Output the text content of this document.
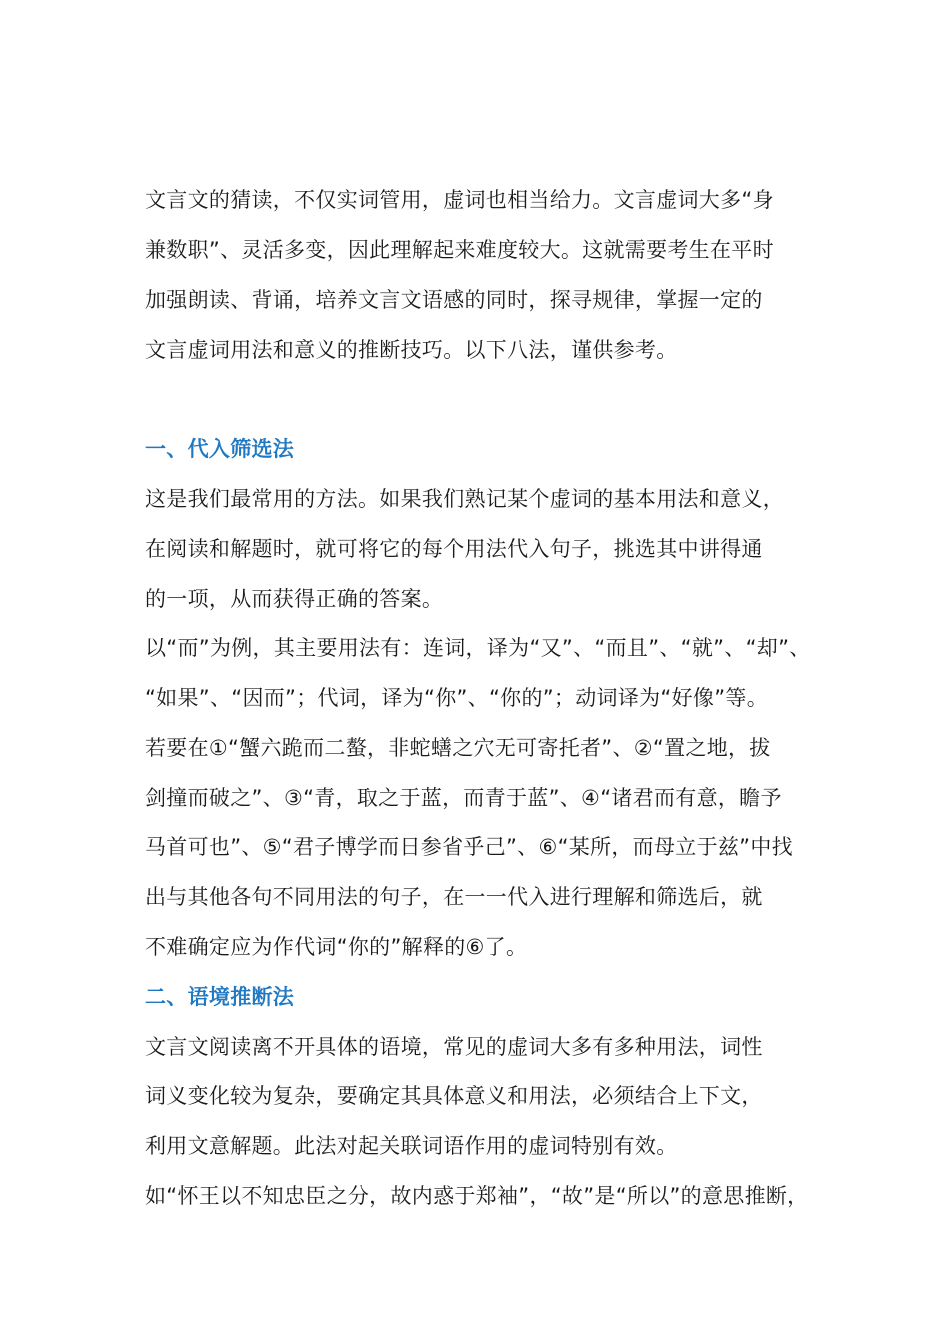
文言文的猜读，不仅实词管用，虚词也相当给力。文言虚词大多“身
兼数职”、灵活多变，因此理解起来难度较大。这就需要考生在平时
加强朗读、背诵，培养文言文语感的同时，探寻规律，掌握一定的
文言虚词用法和意义的推断技巧。以下八法，谨供参考。
一、代入筛选法
这是我们最常用的方法。如果我们熟记某个虚词的基本用法和意义，
在阅读和解题时，就可将它的每个用法代入句子，挑选其中讲得通
的一项，从而获得正确的答案。
以“而”为例，其主要用法有：连词，译为“又”、“而且”、“就”、“却”、
“如果”、“因而”；代词，译为“你”、“你的”；动词译为“好像”等。
若要在①“蟹六跪而二螯，非蛇蟮之穴无可寄托者”、②“置之地，拔
剑撞而破之”、③“青，取之于蓝，而青于蓝”、④“诸君而有意，瞻予
马首可也”、⑤“君子博学而日参省乎己”、⑥“某所，而母立于兹”中找
出与其他各句不同用法的句子，在一一代入进行理解和筛选后，就
不难确定应为作代词“你的”解释的⑥了。
二、语境推断法
文言文阅读离不开具体的语境，常见的虚词大多有多种用法，词性
词义变化较为复杂，要确定其具体意义和用法，必须结合上下文，
利用文意解题。此法对起关联词语作用的虚词特别有效。
如“怀王以不知忠臣之分，故内惑于郑袖”，“故”是“所以”的意思推断，
